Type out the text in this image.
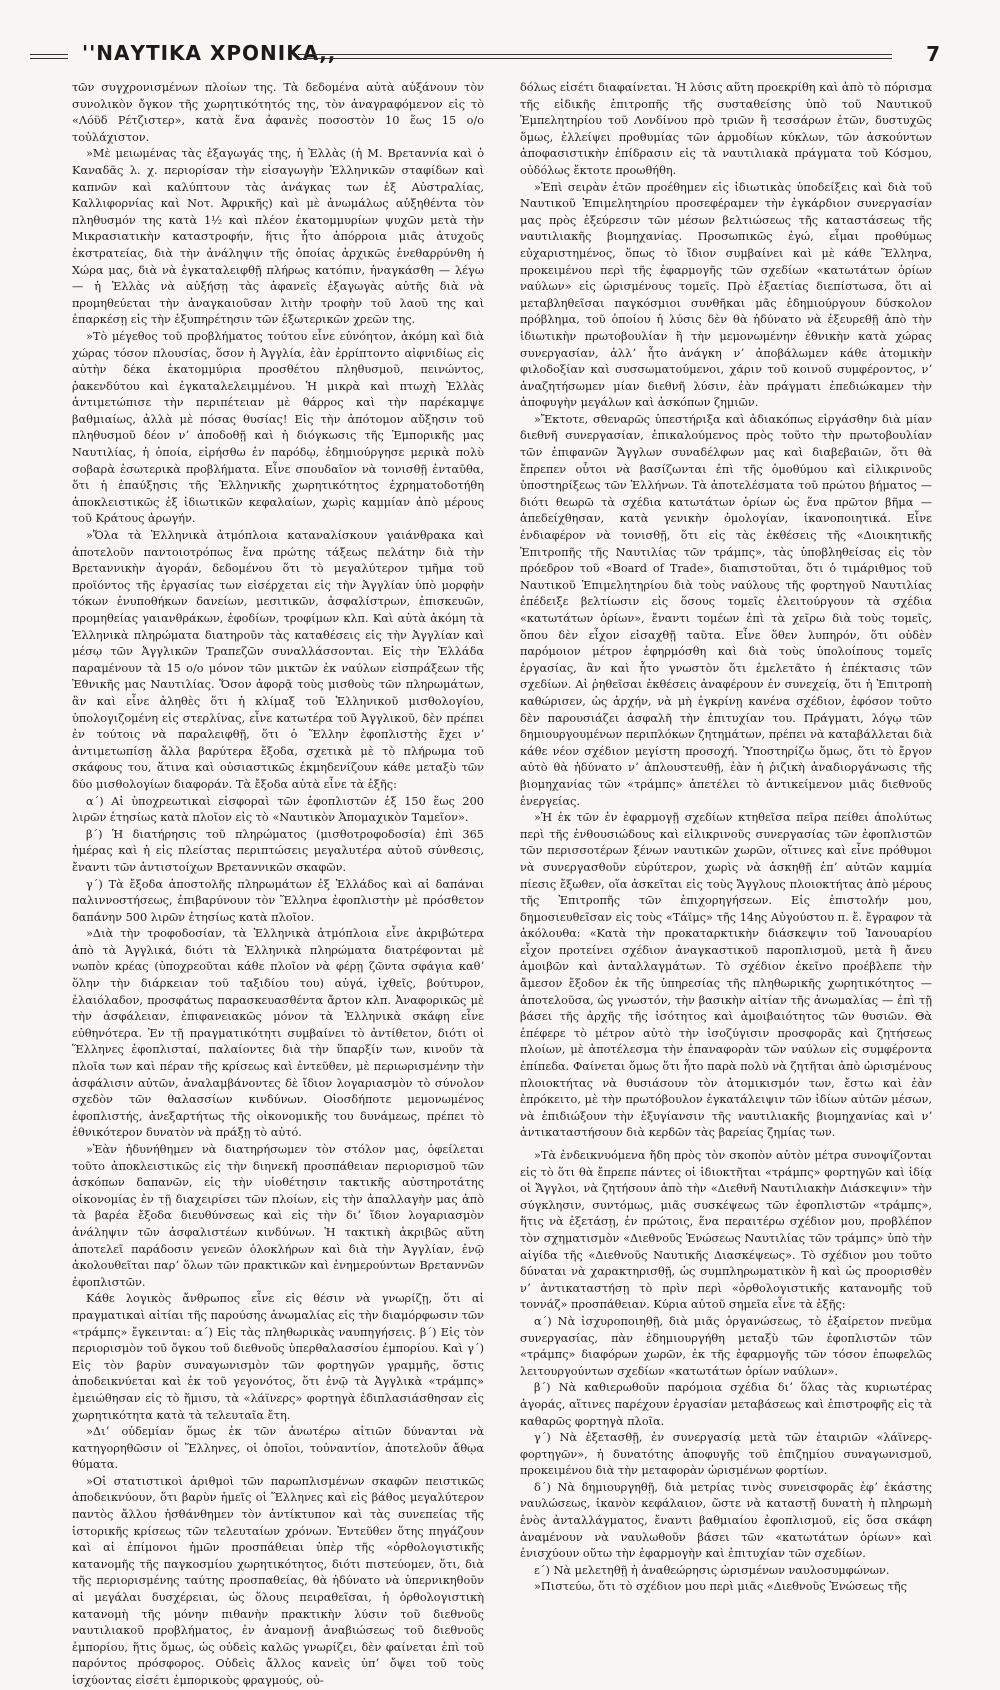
''ΝΑΥΤΙΚΑ ΧΡΟΝΙΚΑ,,	7

τῶν συγχρονισμένων πλοίων της. Τὰ δεδομένα αὐτὰ αὐξάνουν τὸν συνολικὸν ὄγκον τῆς χωρητικότητός της, τὸν ἀναγραφόμενον εἰς τὸ «Λόϋδ Ρέτζιστερ», κατὰ ἕνα ἀφανὲς ποσοστὸν 10 ἕως 15 ο/ο τοὐλάχιστον.

»Μὲ μειωμένας τὰς ἐξαγωγάς της, ἡ Ἑλλὰς (ἡ Μ. Βρεταννία καὶ ὁ Καναδᾶς λ. χ. περιορίσαν τὴν εἰσαγωγὴν Ἑλληνικῶν σταφίδων καὶ καπνῶν καὶ καλύπτουν τὰς ἀνάγκας των ἐξ Αὐστραλίας, Καλλιφορνίας καὶ Νοτ. Ἀφρικῆς) καὶ μὲ ἀνωμάλως αὐξηθέντα τὸν πληθυσμόν της κατὰ 1½ καὶ πλέον ἑκατομμυρίων ψυχῶν μετὰ τὴν Μικρασιατικὴν καταστροφήν, ἥτις ἦτο ἀπόρροια μιᾶς ἀτυχοῦς ἐκστρατείας, διὰ τὴν ἀνάληψιν τῆς ὁποίας ἀρχικῶς ἐνεθαρρύνθη ἡ Χώρα μας, διὰ νὰ ἐγκαταλειφθῇ πλήρως κατόπιν, ἠναγκάσθη — λέγω — ἡ Ἑλλὰς νὰ αὐξήσῃ τὰς ἀφανεῖς ἐξαγωγὰς αὐτῆς διὰ νὰ προμηθεύεται τὴν ἀναγκαιοῦσαν λιτὴν τροφὴν τοῦ λαοῦ της καὶ ἐπαρκέσῃ εἰς τὴν ἐξυπηρέτησιν τῶν ἐξωτερικῶν χρεῶν της.

»Τὸ μέγεθος τοῦ προβλήματος τούτου εἶνε εὐνόητον, ἀκόμη καὶ διὰ χώρας τόσον πλουσίας, ὅσον ἡ Ἀγγλία, ἐὰν ἐρρίπτοντο αἰφνιδίως εἰς αὐτὴν δέκα ἑκατομμύρια προσθέτου πληθυσμοῦ, πεινώντος, ῥακενδύτου καὶ ἐγκαταλελειμμένου. Ἡ μικρὰ καὶ πτωχὴ Ἑλλὰς ἀντιμετώπισε τὴν περιπέτειαν μὲ θάρρος καὶ τὴν παρέκαμψε βαθμιαίως, ἀλλὰ μὲ πόσας θυσίας! Εἰς τὴν ἀπότομον αὔξησιν τοῦ πληθυσμοῦ δέον νʼ ἀποδοθῇ καὶ ἡ διόγκωσις τῆς Ἐμπορικῆς μας Ναυτιλίας, ἡ ὁποία, εἰρήσθω ἐν παρόδῳ, ἐδημιούργησε μερικὰ πολὺ σοβαρὰ ἐσωτερικὰ προβλήματα. Εἶνε σπουδαῖον νὰ τονισθῇ ἐνταῦθα, ὅτι ἡ ἐπαύξησις τῆς Ἑλληνικῆς χωρητικότητος ἐχρηματοδοτήθη ἀποκλειστικῶς ἐξ ἰδιωτικῶν κεφαλαίων, χωρὶς καμμίαν ἀπὸ μέρους τοῦ Κράτους ἀρωγήν.

»Ὅλα τὰ Ἑλληνικὰ ἀτμόπλοια καταναλίσκουν γαιάνθρακα καὶ ἀποτελοῦν παντοιοτρόπως ἕνα πρώτης τάξεως πελάτην διὰ τὴν Βρεταννικὴν ἀγοράν, δεδομένου ὅτι τὸ μεγαλύτερον τμῆμα τοῦ προϊόντος τῆς ἐργασίας των εἰσέρχεται εἰς τὴν Ἀγγλίαν ὑπὸ μορφὴν τόκων ἐνυποθήκων δανείων, μεσιτικῶν, ἀσφαλίστρων, ἐπισκευῶν, προμηθείας γαιανθράκων, ἐφοδίων, τροφίμων κλπ. Καὶ αὐτὰ ἀκόμη τὰ Ἑλληνικὰ πληρώματα διατηροῦν τὰς καταθέσεις εἰς τὴν Ἀγγλίαν καὶ μέσῳ τῶν Ἀγγλικῶν Τραπεζῶν συναλλάσσονται. Εἰς τὴν Ἑλλάδα παραμένουν τὰ 15 ο/ο μόνον τῶν μικτῶν ἐκ ναύλων εἰσπράξεων τῆς Ἐθνικῆς μας Ναυτιλίας. Ὅσον ἀφορᾷ τοὺς μισθοὺς τῶν πληρωμάτων, ἂν καὶ εἶνε ἀληθὲς ὅτι ἡ κλίμαξ τοῦ Ἑλληνικοῦ μισθολογίου, ὑπολογιζομένη εἰς στερλίνας, εἶνε κατωτέρα τοῦ Ἀγγλικοῦ, δὲν πρέπει ἐν τούτοις νὰ παραλειφθῇ, ὅτι ὁ Ἕλλην ἐφοπλιστὴς ἔχει νʼ ἀντιμετωπίσῃ ἄλλα βαρύτερα ἔξοδα, σχετικὰ μὲ τὸ πλήρωμα τοῦ σκάφους του, ἅτινα καὶ οὐσιαστικῶς ἐκμηδενίζουν κάθε μεταξὺ τῶν δύο μισθολογίων διαφοράν. Τὰ ἔξοδα αὐτὰ εἶνε τὰ ἑξῆς:

α΄) Αἱ ὑποχρεωτικαὶ εἰσφοραὶ τῶν ἐφοπλιστῶν ἐξ 150 ἕως 200 λιρῶν ἐτησίως κατὰ πλοῖον εἰς τὸ «Ναυτικὸν Ἀπομαχικὸν Ταμεῖον».

β΄) Ἡ διατήρησις τοῦ πληρώματος (μισθοτροφοδοσία) ἐπὶ 365 ἡμέρας καὶ ἡ εἰς πλείστας περιπτώσεις μεγαλυτέρα αὐτοῦ σύνθεσις, ἔναντι τῶν ἀντιστοίχων Βρεταννικῶν σκαφῶν.

γ΄) Τὰ ἔξοδα ἀποστολῆς πληρωμάτων ἐξ Ἑλλάδος καὶ αἱ δαπάναι παλιννοστήσεως, ἐπιβαρύνουν τὸν Ἕλληνα ἐφοπλιστὴν μὲ πρόσθετον δαπάνην 500 λιρῶν ἐτησίως κατὰ πλοῖον.

»Διὰ τὴν τροφοδοσίαν, τὰ Ἑλληνικὰ ἀτμόπλοια εἶνε ἀκριβώτερα ἀπὸ τὰ Ἀγγλικά, διότι τὰ Ἑλληνικὰ πληρώματα διατρέφονται μὲ νωπὸν κρέας (ὑποχρεοῦται κάθε πλοῖον νὰ φέρῃ ζῶντα σφάγια καθʼ ὅλην τὴν διάρκειαν τοῦ ταξιδίου του) αὐγά, ἰχθεῖς, βούτυρον, ἐλαιόλαδον, προσφάτως παρασκευασθέντα ἄρτον κλπ. Ἀναφορικῶς μὲ τὴν ἀσφάλειαν, ἐπιφανειακῶς μόνον τὰ Ἑλληνικὰ σκάφη εἶνε εὐθηνότερα. Ἐν τῇ πραγματικότητι συμβαίνει τὸ ἀντίθετον, διότι οἱ Ἕλληνες ἐφοπλισταί, παλαίοντες διὰ τὴν ὕπαρξίν των, κινοῦν τὰ πλοῖα των καὶ πέραν τῆς κρίσεως καὶ ἐντεῦθεν, μὲ περιωρισμένην τὴν ἀσφάλισιν αὐτῶν, ἀναλαμβάνοντες δὲ ἴδιον λογαριασμὸν τὸ σύνολον σχεδὸν τῶν θαλασσίων κινδύνων. Οἱοσδήποτε μεμονωμένος ἐφοπλιστής, ἀνεξαρτήτως τῆς οἰκονομικῆς του δυνάμεως, πρέπει τὸ ἐθνικότερον δυνατὸν νὰ πράξῃ τὸ αὐτό.

»Ἐὰν ἠδυνήθημεν νὰ διατηρήσωμεν τὸν στόλον μας, ὀφείλεται τοῦτο ἀποκλειστικῶς εἰς τὴν διηνεκῆ προσπάθειαν περιορισμοῦ τῶν ἀσκόπων δαπανῶν, εἰς τὴν υἱοθέτησιν τακτικῆς αὐστηροτάτης οἰκονομίας ἐν τῇ διαχειρίσει τῶν πλοίων, εἰς τὴν ἀπαλλαγὴν μας ἀπὸ τὰ βαρέα ἔξοδα διευθύνσεως καὶ εἰς τὴν διʼ ἴδιον λογαριασμὸν ἀνάληψιν τῶν ἀσφαλιστέων κινδύνων. Ἡ τακτικὴ ἀκριβῶς αὕτη ἀποτελεῖ παράδοσιν γενεῶν ὁλοκλήρων καὶ διὰ τὴν Ἀγγλίαν, ἐνῷ ἀκολουθεῖται παρʼ ὅλων τῶν πρακτικῶν καὶ ἐνημερούντων Βρεταννῶν ἐφοπλιστῶν.

Κάθε λογικὸς ἄνθρωπος εἶνε εἰς θέσιν νὰ γνωρίζῃ, ὅτι αἱ πραγματικαὶ αἰτίαι τῆς παρούσης ἀνωμαλίας εἰς τὴν διαμόρφωσιν τῶν «τράμπς» ἔγκεινται: α΄) Εἰς τὰς πληθωρικὰς ναυπηγήσεις. β΄) Εἰς τὸν περιορισμὸν τοῦ ὄγκου τοῦ διεθνοῦς ὑπερθαλασσίου ἐμπορίου. Καὶ γ΄) Εἰς τὸν βαρὺν συναγωνισμὸν τῶν φορτηγῶν γραμμῆς, ὅστις ἀποδεικνύεται καὶ ἐκ τοῦ γεγονότος, ὅτι ἐνῷ τὰ Ἀγγλικὰ «τράμπς» ἐμειώθησαν εἰς τὸ ἥμισυ, τὰ «λάϊνερς» φορτηγὰ ἐδιπλασιάσθησαν εἰς χωρητικότητα κατὰ τὰ τελευταῖα ἔτη.

»Διʼ οὐδεμίαν ὅμως ἐκ τῶν ἀνωτέρω αἰτιῶν δύνανται νὰ κατηγορηθῶσιν οἱ Ἕλληνες, οἱ ὁποῖοι, τοὐναντίον, ἀποτελοῦν ἄθῳα θύματα.

»Οἱ στατιστικοὶ ἀριθμοὶ τῶν παρωπλισμένων σκαφῶν πειστικῶς ἀποδεικνύουν, ὅτι βαρὺν ἡμεῖς οἱ Ἕλληνες καὶ εἰς βάθος μεγαλύτερον παντὸς ἄλλου ἠσθάνθημεν τὸν ἀντίκτυπον καὶ τὰς συνεπείας τῆς ἱστορικῆς κρίσεως τῶν τελευταίων χρόνων. Ἐντεῦθεν ὅτης πηγάζουν καὶ αἱ ἐπίμονοι ἡμῶν προσπάθειαι ὑπὲρ τῆς «ὀρθολογιστικῆς κατανομῆς τῆς παγκοσμίου χωρητικότητος, διότι πιστεύομεν, ὅτι, διὰ τῆς περιορισμένης ταύτης προσπαθείας, θὰ ἠδύνατο νὰ ὑπερνικηθοῦν αἱ μεγάλαι δυσχέρειαι, ὡς ὅλους πειραθεῖσαι, ἡ ὀρθολογιστικὴ κατανομὴ τῆς μόνην πιθανὴν πρακτικὴν λύσιν τοῦ διεθνοῦς ναυτιλιακοῦ προβλήματος, ἐν ἀναμονῇ ἀναβιώσεως τοῦ διεθνοῦς ἐμπορίου, ἥτις ὅμως, ὡς οὐδεὶς καλῶς γνωρίζει, δὲν φαίνεται ἐπὶ τοῦ παρόντος πρόσφορος. Οὐδεὶς ἄλλος κανεὶς ὑπʼ ὄψει τοῦ τοὺς ἰσχύοντας εἰσέτι ἐμπορικοὺς φραγμούς, οὐ-

δόλως εἰσέτι διαφαίνεται. Ἡ λύσις αὕτη προεκρίθη καὶ ἀπὸ τὸ πόρισμα τῆς εἰδικῆς ἐπιτροπῆς τῆς συσταθείσης ὑπὸ τοῦ Ναυτικοῦ Ἐμπελητηρίου τοῦ Λονδίνου πρὸ τριῶν ἢ τεσσάρων ἐτῶν, δυστυχῶς ὅμως, ἐλλείψει προθυμίας τῶν ἁρμοδίων κύκλων, τῶν ἀσκούντων ἀποφασιστικὴν ἐπίδρασιν εἰς τὰ ναυτιλιακὰ πράγματα τοῦ Κόσμου, οὐδόλως ἔκτοτε προωθήθη.

»Ἐπὶ σειρὰν ἐτῶν προέθημεν εἰς ἰδιωτικὰς ὑποδείξεις καὶ διὰ τοῦ Ναυτικοῦ Ἐπιμελητηρίου προσεφέραμεν τὴν ἐγκάρδιον συνεργασίαν μας πρὸς ἐξεύρεσιν τῶν μέσων βελτιώσεως τῆς καταστάσεως τῆς ναυτιλιακῆς βιομηχανίας. Προσωπικῶς ἐγώ, εἶμαι προθύμως εὐχαριστημένος, ὅπως τὸ ἴδιον συμβαίνει καὶ μὲ κάθε Ἕλληνα, προκειμένου περὶ τῆς ἐφαρμογῆς τῶν σχεδίων «κατωτάτων ὁρίων ναύλων» εἰς ὡρισμένους τομεῖς. Πρὸ ἐξαετίας διεπίστωσα, ὅτι αἱ μεταβληθεῖσαι παγκόσμιοι συνθῆκαι μᾶς ἐδημιούργουν δύσκολον πρόβλημα, τοῦ ὁποίου ἡ λύσις δὲν θὰ ἠδύνατο νὰ ἐξευρεθῇ ἀπὸ τὴν ἰδιωτικὴν πρωτοβουλίαν ἢ τὴν μεμονωμένην ἐθνικὴν κατὰ χώρας συνεργασίαν, ἀλλʼ ἦτο ἀνάγκη νʼ ἀποβάλωμεν κάθε ἀτομικὴν φιλοδοξίαν καὶ συσσωματούμενοι, χάριν τοῦ κοινοῦ συμφέροντος, νʼ ἀναζητήσωμεν μίαν διεθνῆ λύσιν, ἐὰν πράγματι ἐπεδιώκαμεν τὴν ἀποφυγὴν μεγάλων καὶ ἀσκόπων ζημιῶν.

»Ἔκτοτε, σθεναρῶς ὑπεστήριξα καὶ ἀδιακόπως εἰργάσθην διὰ μίαν διεθνῆ συνεργασίαν, ἐπικαλούμενος πρὸς τοῦτο τὴν πρωτοβουλίαν τῶν ἐπιφανῶν Ἄγγλων συναδέλφων μας καὶ διαβεβαιῶν, ὅτι θὰ ἔπρεπεν οὗτοι νὰ βασίζωνται ἐπὶ τῆς ὁμοθύμου καὶ εἰλικρινοῦς ὑποστηρίξεως τῶν Ἑλλήνων. Τὰ ἀποτελέσματα τοῦ πρώτου βήματος — διότι θεωρῶ τὰ σχέδια κατωτάτων ὁρίων ὡς ἕνα πρῶτον βῆμα — ἀπεδείχθησαν, κατὰ γενικὴν ὁμολογίαν, ἱκανοποιητικά. Εἶνε ἐνδιαφέρον νὰ τονισθῇ, ὅτι εἰς τὰς ἐκθέσεις τῆς «Διοικητικῆς Ἐπιτροπῆς τῆς Ναυτιλίας τῶν τράμπς», τὰς ὑποβληθείσας εἰς τὸν πρόεδρον τοῦ «Board of Trade», διαπιστοῦται, ὅτι ὁ τιμάριθμος τοῦ Ναυτικοῦ Ἐπιμελητηρίου διὰ τοὺς ναύλους τῆς φορτηγοῦ Ναυτιλίας ἐπέδειξε βελτίωσιν εἰς ὅσους τομεῖς ἐλειτούργουν τὰ σχέδια «κατωτάτων ὁρίων», ἔναντι τομέων ἐπὶ τὰ χεῖρω διὰ τοὺς τομεῖς, ὅπου δὲν εἶχον εἰσαχθῇ ταῦτα. Εἶνε ὅθεν λυπηρόν, ὅτι οὐδὲν παρόμοιον μέτρον ἐφηρμόσθη καὶ διὰ τοὺς ὑπολοίπους τομεῖς ἐργασίας, ἂν καὶ ἦτο γνωστὸν ὅτι ἐμελετᾶτο ἡ ἐπέκτασις τῶν σχεδίων. Αἱ ῥηθεῖσαι ἐκθέσεις ἀναφέρουν ἐν συνεχείᾳ, ὅτι ἡ Ἐπιτροπὴ καθώρισεν, ὡς ἀρχήν, νὰ μὴ ἐγκρίνῃ κανένα σχέδιον, ἐφόσον τοῦτο δὲν παρουσιάζει ἀσφαλῆ τὴν ἐπιτυχίαν του. Πράγματι, λόγῳ τῶν δημιουργουμένων περιπλόκων ζητημάτων, πρέπει νὰ καταβάλλεται διὰ κάθε νέον σχέδιον μεγίστη προσοχή. Ὑποστηρίζω ὅμως, ὅτι τὸ ἔργον αὐτὸ θὰ ἠδύνατο νʼ ἁπλουστευθῇ, ἐὰν ἡ ῥιζικὴ ἀναδιοργάνωσις τῆς βιομηχανίας τῶν «τράμπς» ἀπετέλει τὸ ἀντικείμενον μιᾶς διεθνοῦς ἐνεργείας.

»Ἡ ἐκ τῶν ἐν ἐφαρμογῇ σχεδίων κτηθεῖσα πεῖρα πείθει ἀπολύτως περὶ τῆς ἐνθουσιώδους καὶ εἰλικρινοῦς συνεργασίας τῶν ἐφοπλιστῶν τῶν περισσοτέρων ξένων ναυτικῶν χωρῶν, οἵτινες καὶ εἶνε πρόθυμοι νὰ συνεργασθοῦν εὐρύτερον, χωρὶς νὰ ἀσκηθῇ ἐπʼ αὐτῶν καμμία πίεσις ἔξωθεν, οἵα ἀσκεῖται εἰς τοὺς Ἄγγλους πλοιοκτήτας ἀπὸ μέρους τῆς Ἐπιτροπῆς τῶν ἐπιχορηγήσεων. Εἰς ἐπιστολήν μου, δημοσιευθεῖσαν εἰς τοὺς «Τάϊμς» τῆς 14ης Αὐγούστου π. ἔ. ἔγραφον τὰ ἀκόλουθα: «Κατὰ τὴν προκαταρκτικὴν διάσκεψιν τοῦ Ἰανουαρίου εἶχον προτείνει σχέδιον ἀναγκαστικοῦ παροπλισμοῦ, μετὰ ἢ ἄνευ ἀμοιβῶν καὶ ἀνταλλαγμάτων. Τὸ σχέδιον ἐκεῖνο προέβλεπε τὴν ἄμεσον ἔξοδον ἐκ τῆς ὑπηρεσίας τῆς πληθωρικῆς χωρητικότητος — ἀποτελοῦσα, ὡς γνωστόν, τὴν βασικὴν αἰτίαν τῆς ἀνωμαλίας — ἐπὶ τῇ βάσει τῆς ἀρχῆς τῆς ἰσότητος καὶ ἀμοιβαιότητος τῶν θυσιῶν. Θὰ ἐπέφερε τὸ μέτρον αὐτὸ τὴν ἰσοζύγισιν προσφορᾶς καὶ ζητήσεως πλοίων, μὲ ἀποτέλεσμα τὴν ἐπαναφορὰν τῶν ναύλων εἰς συμφέροντα ἐπίπεδα. Φαίνεται ὅμως ὅτι ἦτο παρὰ πολὺ νὰ ζητῆται ἀπὸ ὡρισμένους πλοιοκτήτας νὰ θυσιάσουν τὸν ἀτομικισμόν των, ἔστω καὶ ἐὰν ἐπρόκειτο, μὲ τὴν πρωτόβουλον ἐγκατάλειψιν τῶν ἰδίων αὐτῶν μέσων, νὰ ἐπιδιώξουν τὴν ἐξυγίανσιν τῆς ναυτιλιακῆς βιομηχανίας καὶ νʼ ἀντικαταστήσουν διὰ κερδῶν τὰς βαρείας ζημίας των.

»Τὰ ἐνδεικνυόμενα ἤδη πρὸς τὸν σκοπὸν αὐτὸν μέτρα συνοψίζονται εἰς τὸ ὅτι θὰ ἔπρεπε πάντες οἱ ἰδιοκτῆται «τράμπς» φορτηγῶν καὶ ἰδίᾳ οἱ Ἄγγλοι, νὰ ζητήσουν ἀπὸ τὴν «Διεθνῆ Ναυτιλιακὴν Διάσκεψιν» τὴν σύγκλησιν, συντόμως, μιᾶς συσκέψεως τῶν ἐφοπλιστῶν «τράμπς», ἥτις νὰ ἐξετάσῃ, ἐν πρώτοις, ἕνα περαιτέρω σχέδιον μου, προβλέπον τὸν σχηματισμὸν «Διεθνοῦς Ἑνώσεως Ναυτιλίας τῶν τράμπς» ὑπὸ τὴν αἰγίδα τῆς «Διεθνοῦς Ναυτικῆς Διασκέψεως». Τὸ σχέδιον μου τοῦτο δύναται νὰ χαρακτηρισθῇ, ὡς συμπληρωματικὸν ἢ καὶ ὡς προορισθὲν νʼ ἀντικαταστήσῃ τὸ πρὶν περὶ «ὀρθολογιστικῆς κατανομῆς τοῦ τοννάζ» προσπάθειαν. Κύρια αὐτοῦ σημεῖα εἶνε τὰ ἑξῆς:

α΄) Νὰ ἰσχυροποιηθῇ, διὰ μιᾶς ὀργανώσεως, τὸ ἐξαίρετον πνεῦμα συνεργασίας, πὰν ἐδημιουργήθη μεταξὺ τῶν ἐφοπλιστῶν τῶν «τράμπς» διαφόρων χωρῶν, ἐκ τῆς ἐφαρμογῆς τῶν τόσον ἐπωφελῶς λειτουργούντων σχεδίων «κατωτάτων ὁρίων ναύλων».

β΄) Νὰ καθιερωθοῦν παρόμοια σχέδια διʼ ὅλας τὰς κυριωτέρας ἀγοράς, αἵτινες παρέχουν ἐργασίαν μεταβάσεως καὶ ἐπιστροφῆς εἰς τὰ καθαρῶς φορτηγὰ πλοῖα.

γ΄) Νὰ ἐξετασθῇ, ἐν συνεργασίᾳ μετὰ τῶν ἑταιριῶν «λάϊνερς-φορτηγῶν», ἡ δυνατότης ἀποφυγῆς τοῦ ἐπιζημίου συναγωνισμοῦ, προκειμένου διὰ τὴν μεταφορὰν ὡρισμένων φορτίων.

δ΄) Νὰ δημιουργηθῇ, διὰ μετρίας τινὸς συνεισφορᾶς ἐφʼ ἑκάστης ναυλώσεως, ἱκανὸν κεφάλαιον, ὥστε νὰ καταστῇ δυνατὴ ἡ πληρωμὴ ἑνὸς ἀνταλλάγματος, ἔναντι βαθμιαίου ἐφοπλισμοῦ, εἰς ὅσα σκάφη ἀναμένουν νὰ ναυλωθοῦν βάσει τῶν «κατωτάτων ὁρίων» καὶ ἐνισχύουν οὕτω τὴν ἐφαρμογὴν καὶ ἐπιτυχίαν τῶν σχεδίων.

ε΄) Νὰ μελετηθῇ ἡ ἀναθεώρησις ὡρισμένων ναυλοσυμφώνων.

»Πιστεύω, ὅτι τὸ σχέδιον μου περὶ μιᾶς «Διεθνοῦς Ἑνώσεως τῆς
